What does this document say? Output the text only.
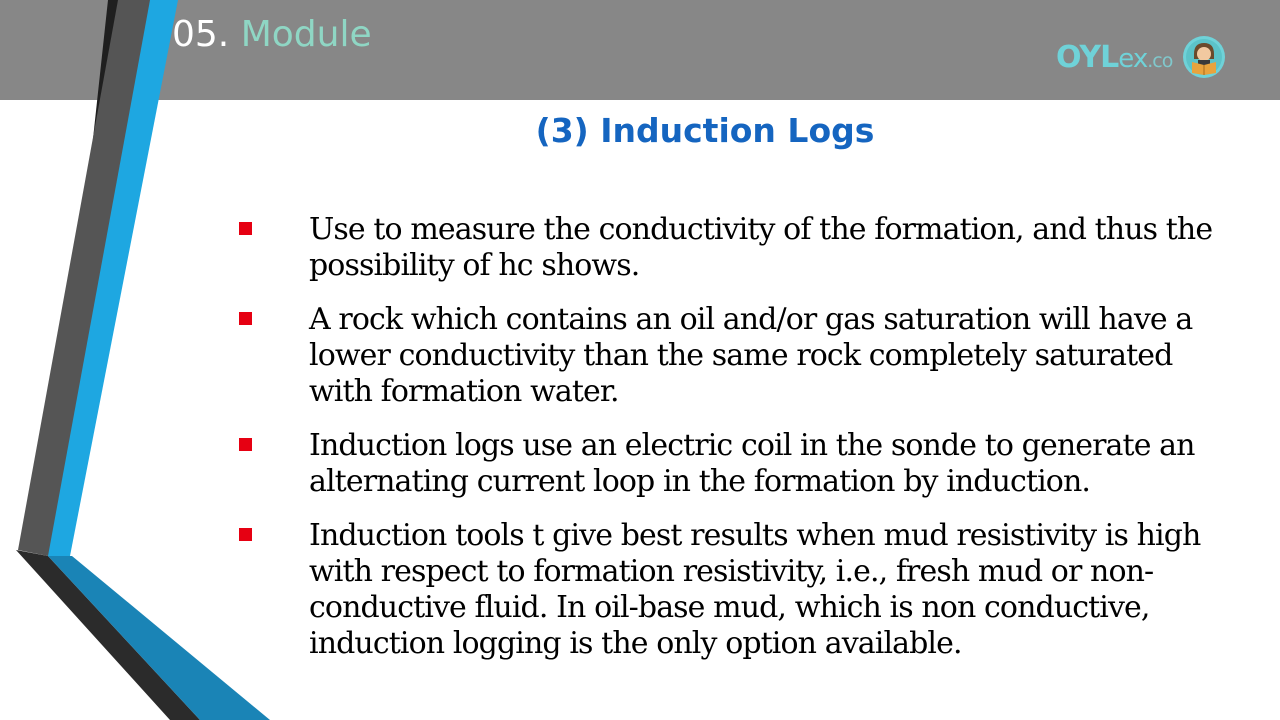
05. Module
OYLex.co
(3) Induction Logs
Use to measure the conductivity of the formation, and thus the possibility of hc shows.
A rock which contains an oil and/or gas saturation will have a lower conductivity than the same rock completely saturated with formation water.
Induction logs use an electric coil in the sonde to generate an alternating current loop in the formation by induction.
Induction tools t give best results when mud resistivity is high with respect to formation resistivity, i.e., fresh mud or non-conductive fluid. In oil-base mud, which is non conductive, induction logging is the only option available.
